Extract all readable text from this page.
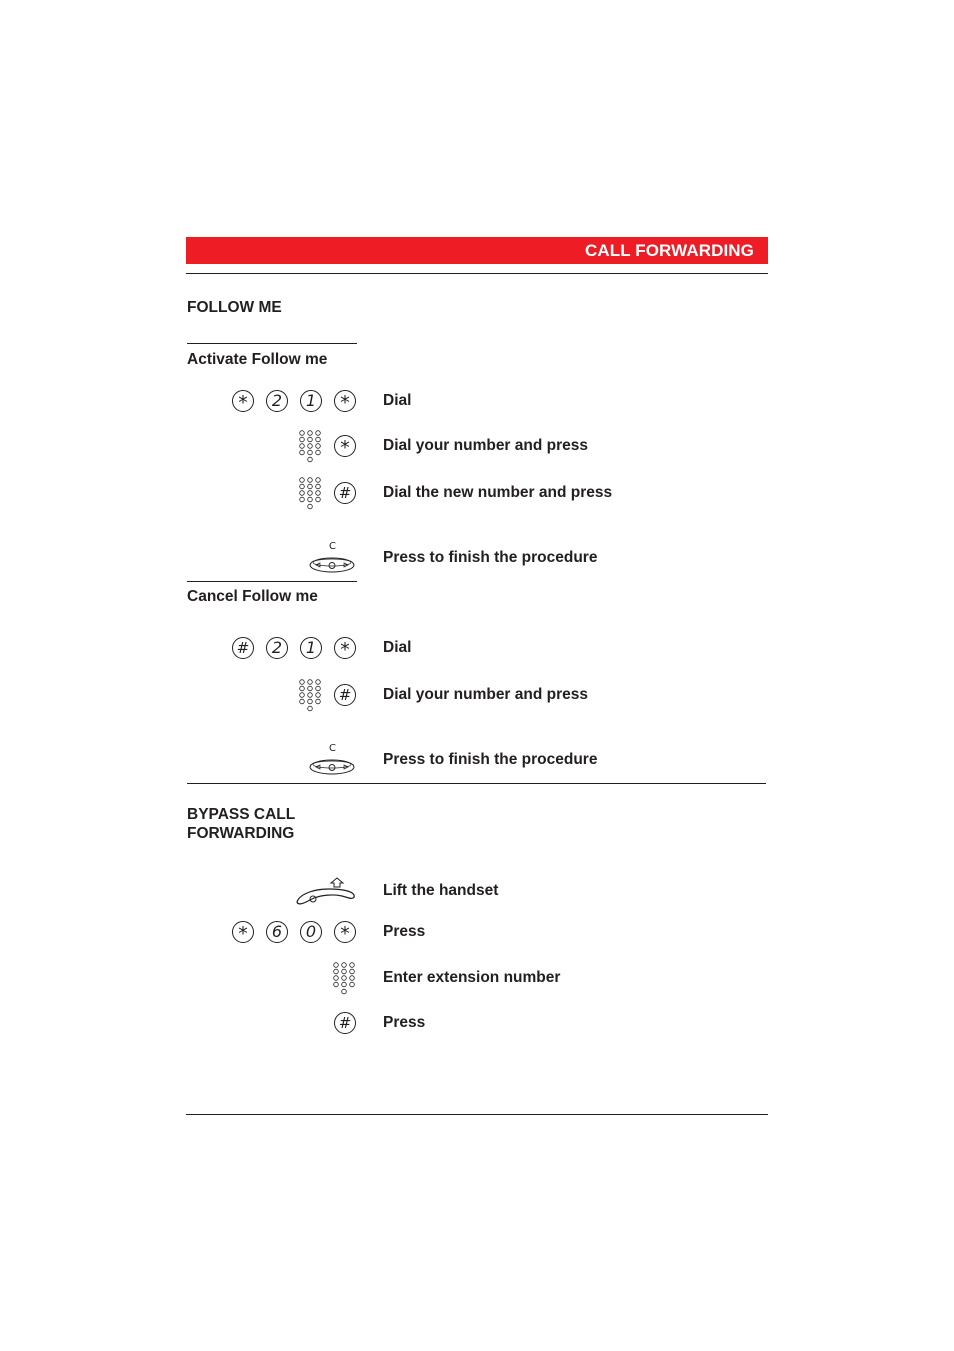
CALL FORWARDING
FOLLOW ME
Activate Follow me
*	2	1	*	Dial
*	Dial your number and press
#	Dial the new number and press
C
Press to finish the procedure
Cancel Follow me
#	2	1	*	Dial
#	Dial your number and press
C
Press to finish the procedure
BYPASS CALL
FORWARDING
Lift the handset
*	6	0	*	Press
Enter extension number
#	Press
